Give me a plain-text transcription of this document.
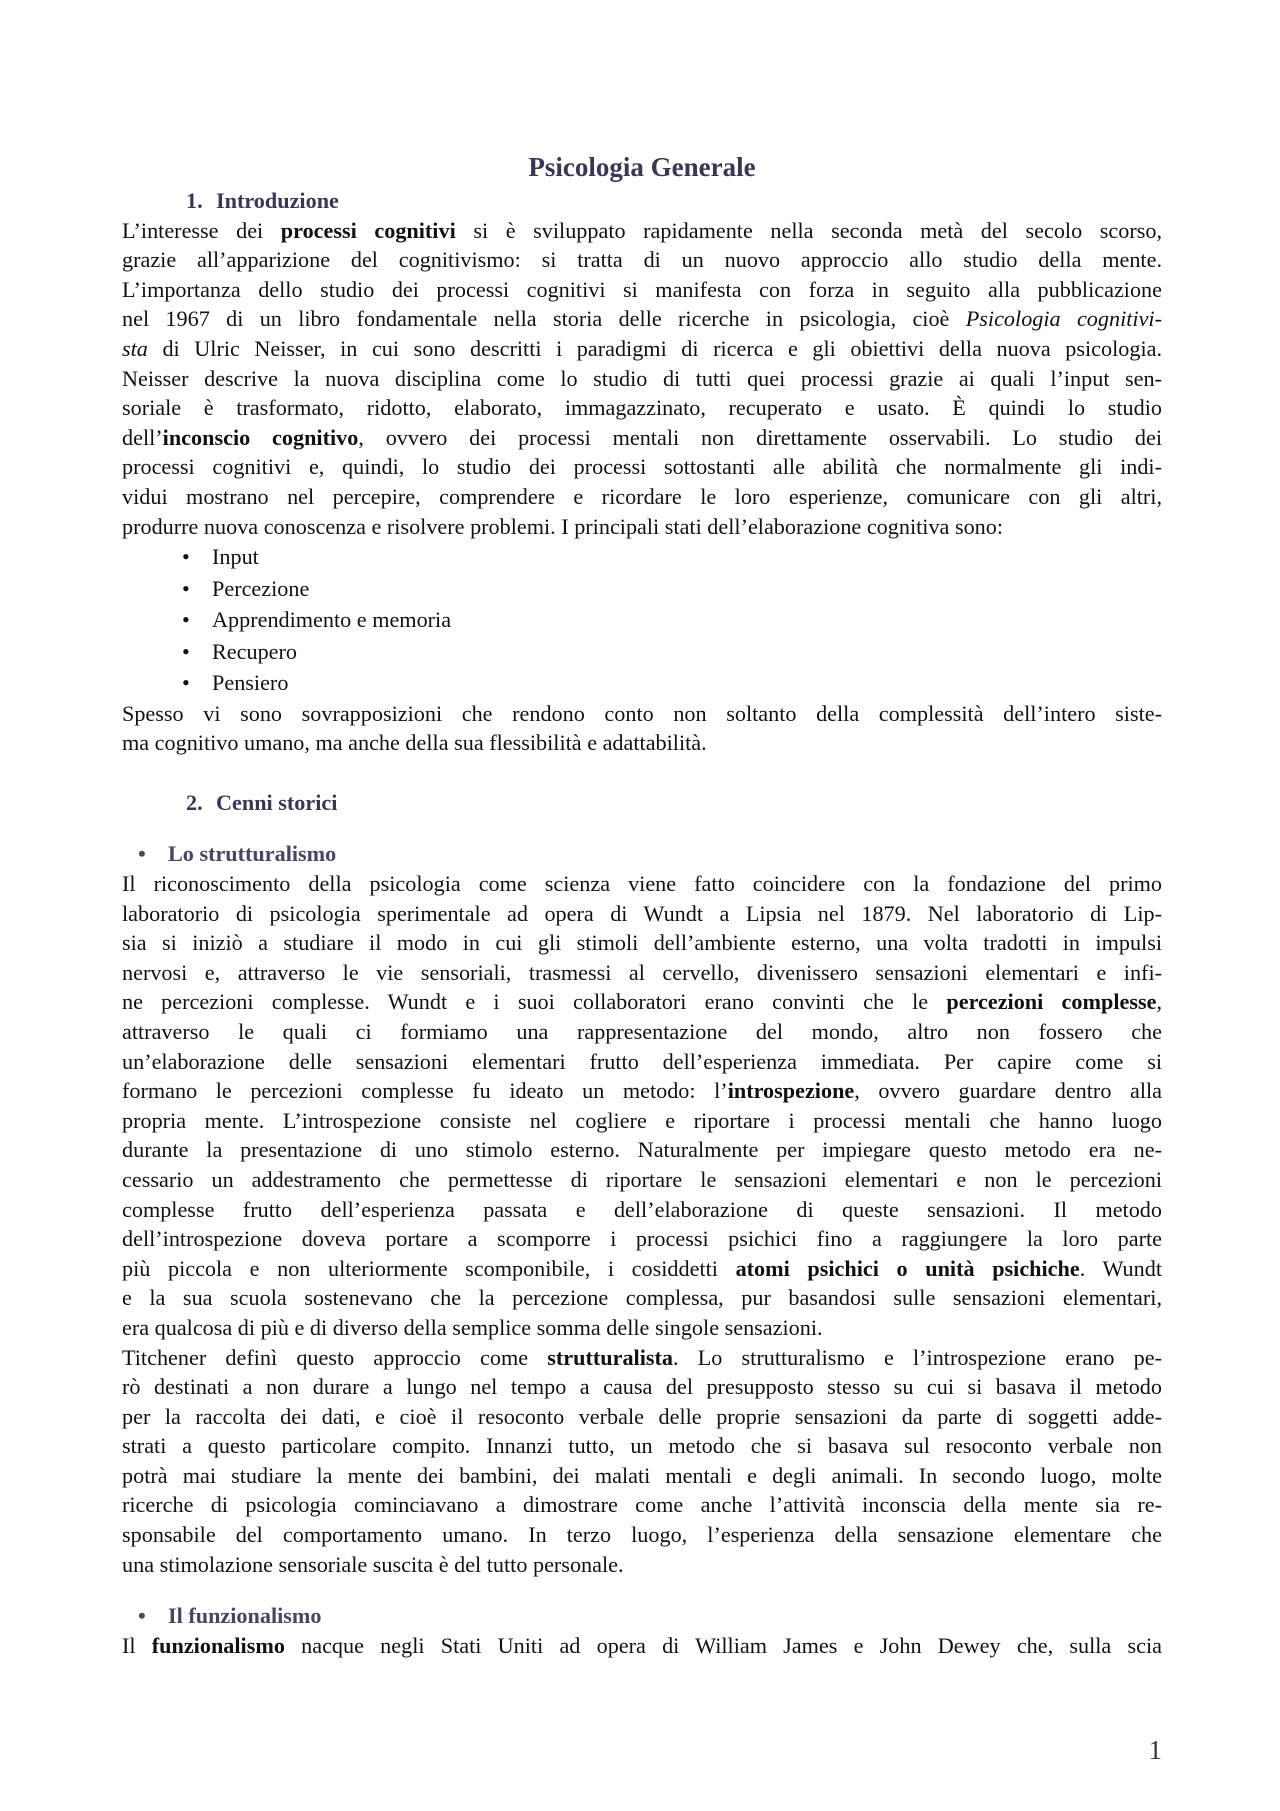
Psicologia Generale
1. Introduzione

L’interesse dei processi cognitivi si è sviluppato rapidamente nella seconda metà del secolo scorso,
grazie all’apparizione del cognitivismo: si tratta di un nuovo approccio allo studio della mente.
L’importanza dello studio dei processi cognitivi si manifesta con forza in seguito alla pubblicazione
nel 1967 di un libro fondamentale nella storia delle ricerche in psicologia, cioè Psicologia cognitivi-
sta di Ulric Neisser, in cui sono descritti i paradigmi di ricerca e gli obiettivi della nuova psicologia.
Neisser descrive la nuova disciplina come lo studio di tutti quei processi grazie ai quali l’input sen-
soriale è trasformato, ridotto, elaborato, immagazzinato, recuperato e usato. È quindi lo studio
dell’inconscio cognitivo, ovvero dei processi mentali non direttamente osservabili. Lo studio dei
processi cognitivi e, quindi, lo studio dei processi sottostanti alle abilità che normalmente gli indi-
vidui mostrano nel percepire, comprendere e ricordare le loro esperienze, comunicare con gli altri,
produrre nuova conoscenza e risolvere problemi. I principali stati dell’elaborazione cognitiva sono:

• Input
• Percezione
• Apprendimento e memoria
• Recupero
• Pensiero

Spesso vi sono sovrapposizioni che rendono conto non soltanto della complessità dell’intero siste-
ma cognitivo umano, ma anche della sua flessibilità e adattabilità.

2. Cenni storici
• Lo strutturalismo

Il riconoscimento della psicologia come scienza viene fatto coincidere con la fondazione del primo
laboratorio di psicologia sperimentale ad opera di Wundt a Lipsia nel 1879. Nel laboratorio di Lip-
sia si iniziò a studiare il modo in cui gli stimoli dell’ambiente esterno, una volta tradotti in impulsi
nervosi e, attraverso le vie sensoriali, trasmessi al cervello, divenissero sensazioni elementari e infi-
ne percezioni complesse. Wundt e i suoi collaboratori erano convinti che le percezioni complesse,
attraverso le quali ci formiamo una rappresentazione del mondo, altro non fossero che
un’elaborazione delle sensazioni elementari frutto dell’esperienza immediata. Per capire come si
formano le percezioni complesse fu ideato un metodo: l’introspezione, ovvero guardare dentro alla
propria mente. L’introspezione consiste nel cogliere e riportare i processi mentali che hanno luogo
durante la presentazione di uno stimolo esterno. Naturalmente per impiegare questo metodo era ne-
cessario un addestramento che permettesse di riportare le sensazioni elementari e non le percezioni
complesse frutto dell’esperienza passata e dell’elaborazione di queste sensazioni. Il metodo
dell’introspezione doveva portare a scomporre i processi psichici fino a raggiungere la loro parte
più piccola e non ulteriormente scomponibile, i cosiddetti atomi psichici o unità psichiche. Wundt
e la sua scuola sostenevano che la percezione complessa, pur basandosi sulle sensazioni elementari,
era qualcosa di più e di diverso della semplice somma delle singole sensazioni.

Titchener definì questo approccio come strutturalista. Lo strutturalismo e l’introspezione erano pe-
rò destinati a non durare a lungo nel tempo a causa del presupposto stesso su cui si basava il metodo
per la raccolta dei dati, e cioè il resoconto verbale delle proprie sensazioni da parte di soggetti adde-
strati a questo particolare compito. Innanzi tutto, un metodo che si basava sul resoconto verbale non
potrà mai studiare la mente dei bambini, dei malati mentali e degli animali. In secondo luogo, molte
ricerche di psicologia cominciavano a dimostrare come anche l’attività inconscia della mente sia re-
sponsabile del comportamento umano. In terzo luogo, l’esperienza della sensazione elementare che
una stimolazione sensoriale suscita è del tutto personale.

• Il funzionalismo

Il funzionalismo nacque negli Stati Uniti ad opera di William James e John Dewey che, sulla scia

1
